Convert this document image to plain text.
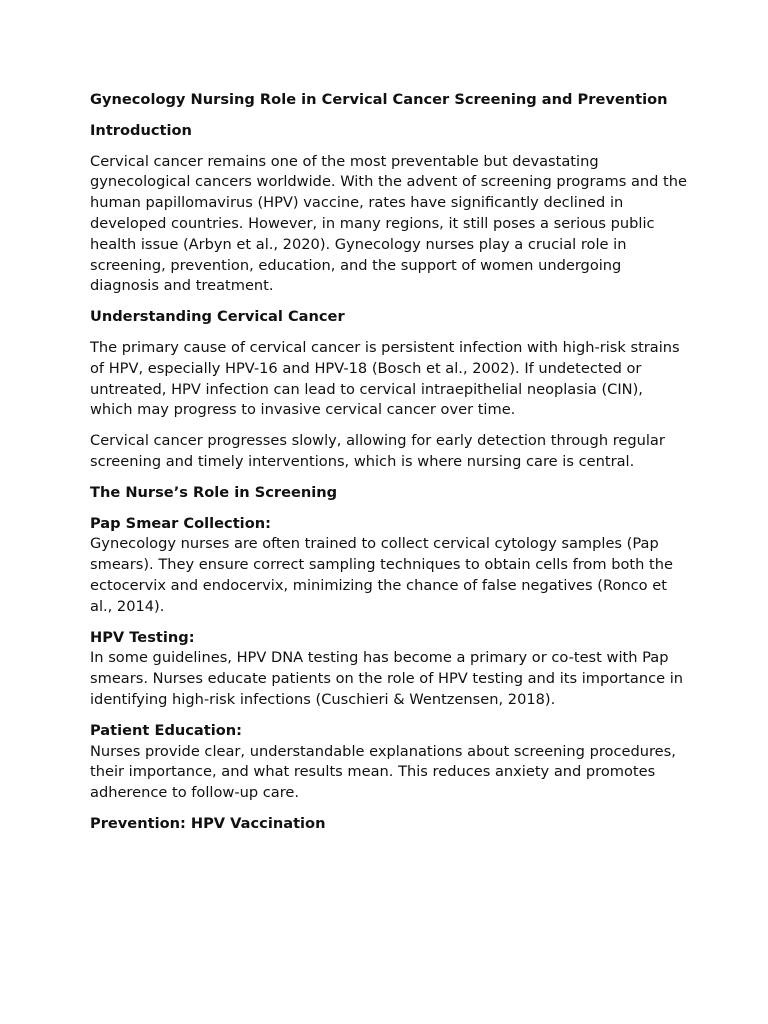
Gynecology Nursing Role in Cervical Cancer Screening and Prevention
Introduction
Cervical cancer remains one of the most preventable but devastating gynecological cancers worldwide. With the advent of screening programs and the human papillomavirus (HPV) vaccine, rates have significantly declined in developed countries. However, in many regions, it still poses a serious public health issue (Arbyn et al., 2020). Gynecology nurses play a crucial role in screening, prevention, education, and the support of women undergoing diagnosis and treatment.
Understanding Cervical Cancer
The primary cause of cervical cancer is persistent infection with high-risk strains of HPV, especially HPV-16 and HPV-18 (Bosch et al., 2002). If undetected or untreated, HPV infection can lead to cervical intraepithelial neoplasia (CIN), which may progress to invasive cervical cancer over time.
Cervical cancer progresses slowly, allowing for early detection through regular screening and timely interventions, which is where nursing care is central.
The Nurse’s Role in Screening
Pap Smear Collection:
Gynecology nurses are often trained to collect cervical cytology samples (Pap smears). They ensure correct sampling techniques to obtain cells from both the ectocervix and endocervix, minimizing the chance of false negatives (Ronco et al., 2014).
HPV Testing:
In some guidelines, HPV DNA testing has become a primary or co-test with Pap smears. Nurses educate patients on the role of HPV testing and its importance in identifying high-risk infections (Cuschieri & Wentzensen, 2018).
Patient Education:
Nurses provide clear, understandable explanations about screening procedures, their importance, and what results mean. This reduces anxiety and promotes adherence to follow-up care.
Prevention: HPV Vaccination
